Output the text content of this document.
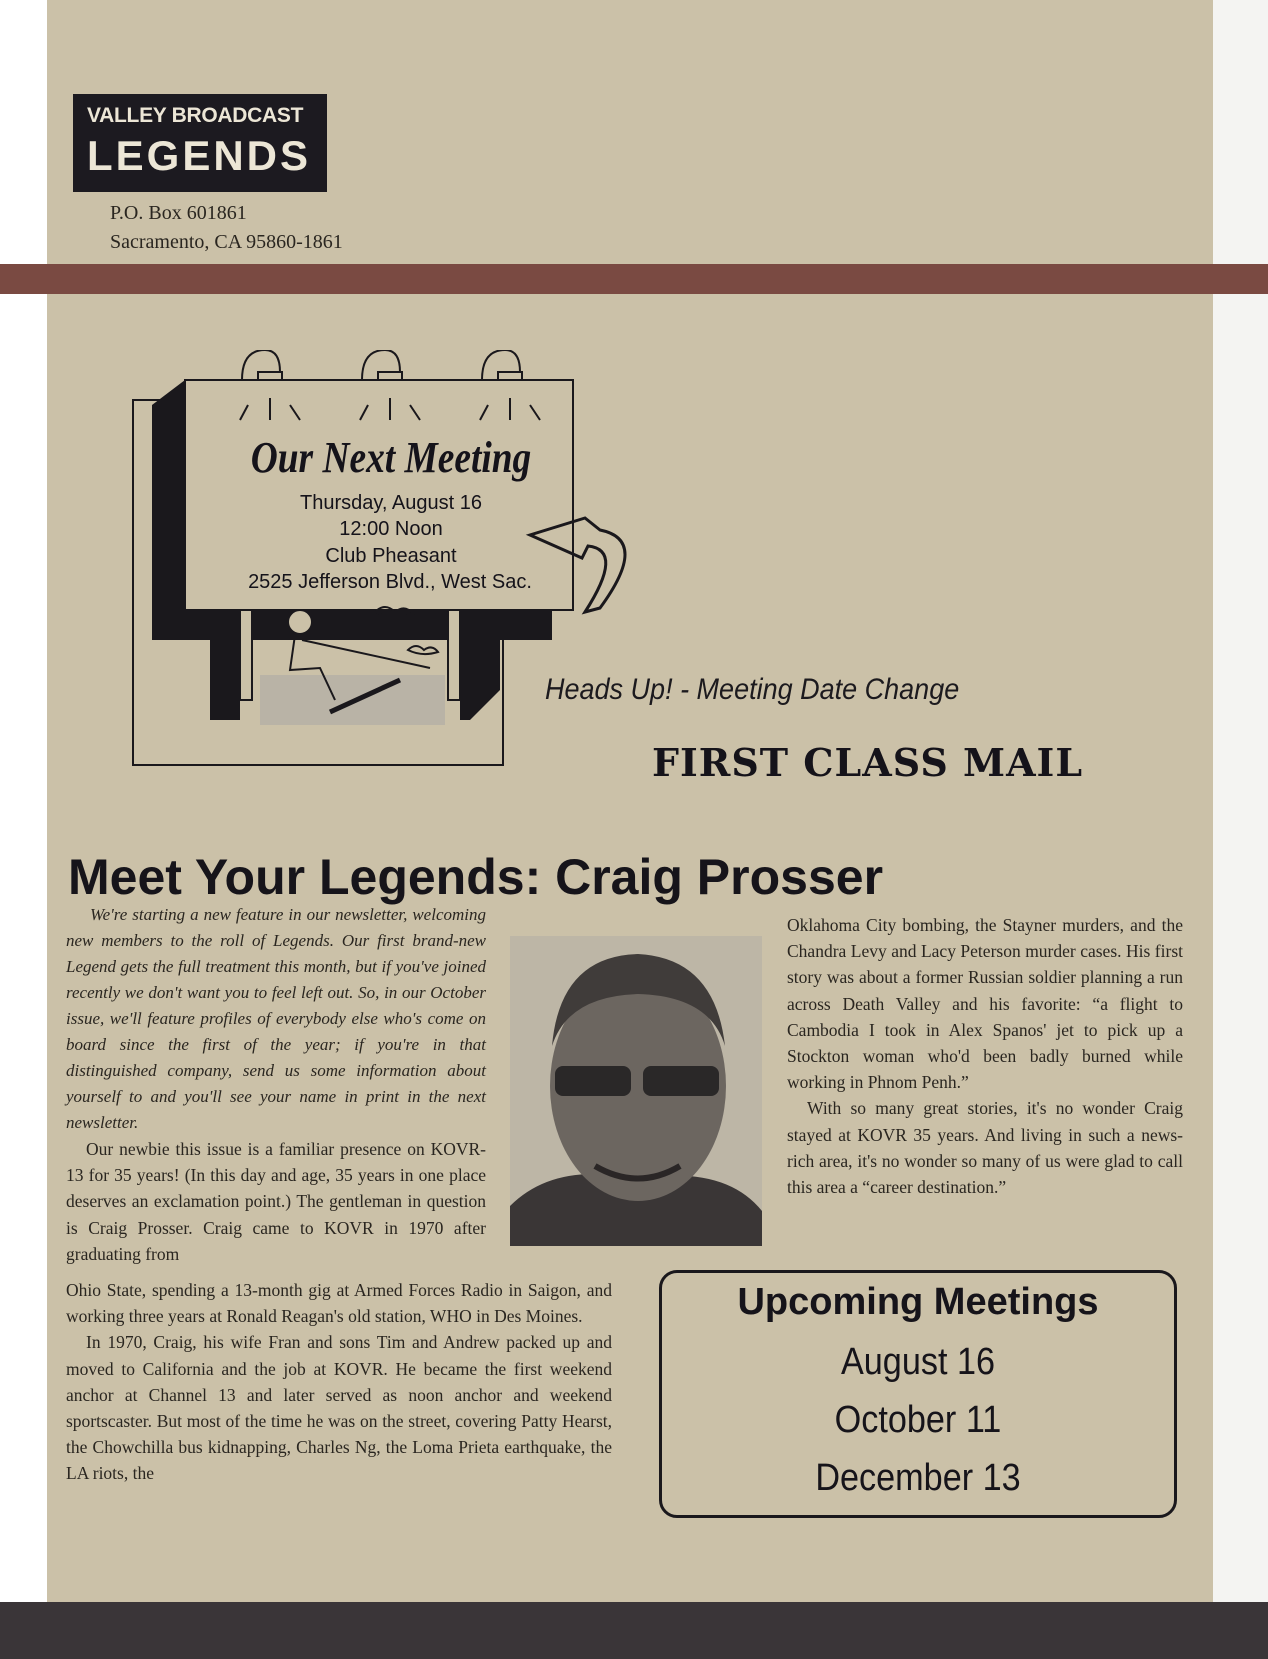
VALLEY BROADCAST
LEGENDS
P.O. Box 601861
Sacramento, CA 95860-1861
Our Next Meeting
Thursday, August 16
12:00 Noon
Club Pheasant
2525 Jefferson Blvd., West Sac.
Heads Up! - Meeting Date Change
FIRST CLASS MAIL
Meet Your Legends: Craig Prosser

We're starting a new feature in our newsletter, welcoming new members to the roll of Legends. Our first brand-new Legend gets the full treatment this month, but if you've joined recently we don't want you to feel left out. So, in our October issue, we'll feature profiles of everybody else who's come on board since the first of the year; if you're in that distinguished company, send us some information about yourself to and you'll see your name in print in the next newsletter.

Our newbie this issue is a familiar presence on KOVR-13 for 35 years! (In this day and age, 35 years in one place deserves an exclamation point.) The gentleman in question is Craig Prosser. Craig came to KOVR in 1970 after graduating from

Ohio State, spending a 13-month gig at Armed Forces Radio in Saigon, and working three years at Ronald Reagan's old station, WHO in Des Moines.

In 1970, Craig, his wife Fran and sons Tim and Andrew packed up and moved to California and the job at KOVR. He became the first weekend anchor at Channel 13 and later served as noon anchor and weekend sportscaster. But most of the time he was on the street, covering Patty Hearst, the Chowchilla bus kidnapping, Charles Ng, the Loma Prieta earthquake, the LA riots, the

Oklahoma City bombing, the Stayner murders, and the Chandra Levy and Lacy Peterson murder cases. His first story was about a former Russian soldier planning a run across Death Valley and his favorite: “a flight to Cambodia I took in Alex Spanos' jet to pick up a Stockton woman who'd been badly burned while working in Phnom Penh.”

With so many great stories, it's no wonder Craig stayed at KOVR 35 years. And living in such a news-rich area, it's no wonder so many of us were glad to call this area a “career destination.”

Upcoming Meetings
August 16
October 11
December 13
